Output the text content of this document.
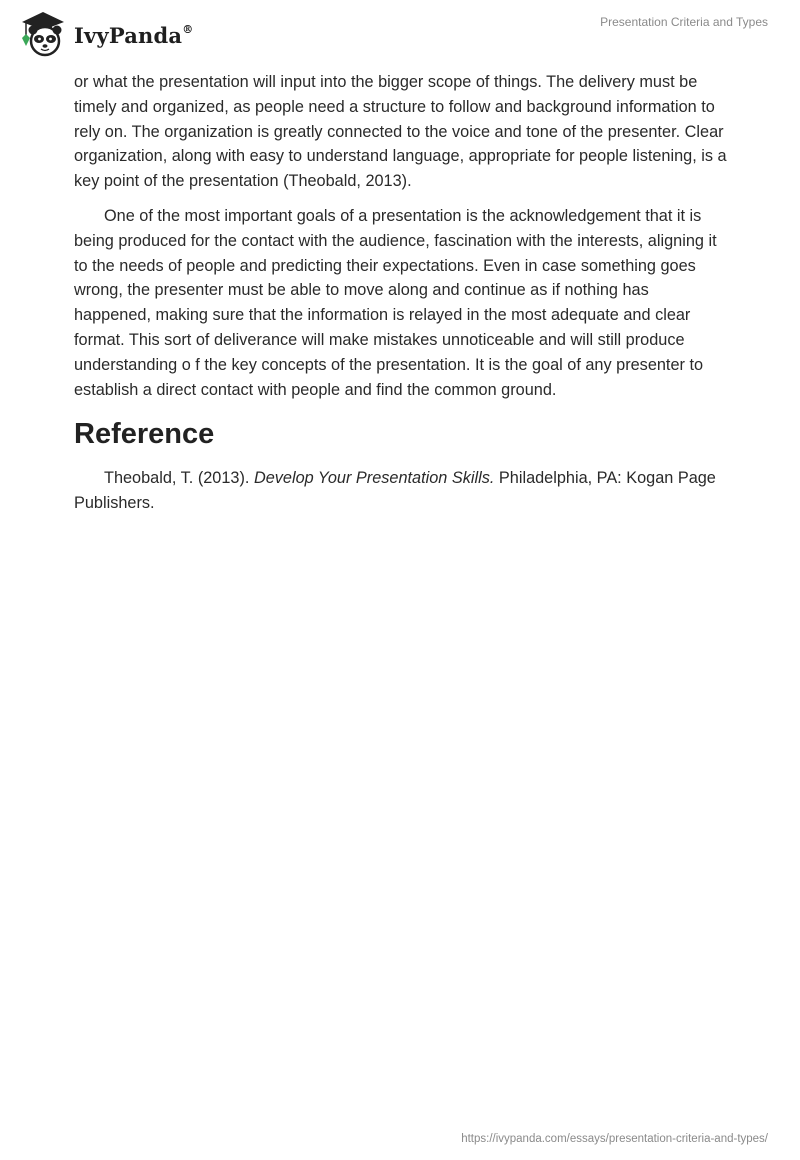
IvyPanda®	Presentation Criteria and Types

or what the presentation will input into the bigger scope of things. The delivery must be timely and organized, as people need a structure to follow and background information to rely on. The organization is greatly connected to the voice and tone of the presenter. Clear organization, along with easy to understand language, appropriate for people listening, is a key point of the presentation (Theobald, 2013).

One of the most important goals of a presentation is the acknowledgement that it is being produced for the contact with the audience, fascination with the interests, aligning it to the needs of people and predicting their expectations. Even in case something goes wrong, the presenter must be able to move along and continue as if nothing has happened, making sure that the information is relayed in the most adequate and clear format. This sort of deliverance will make mistakes unnoticeable and will still produce understanding o f the key concepts of the presentation. It is the goal of any presenter to establish a direct contact with people and find the common ground.

Reference

Theobald, T. (2013). Develop Your Presentation Skills. Philadelphia, PA: Kogan Page Publishers.

https://ivypanda.com/essays/presentation-criteria-and-types/
